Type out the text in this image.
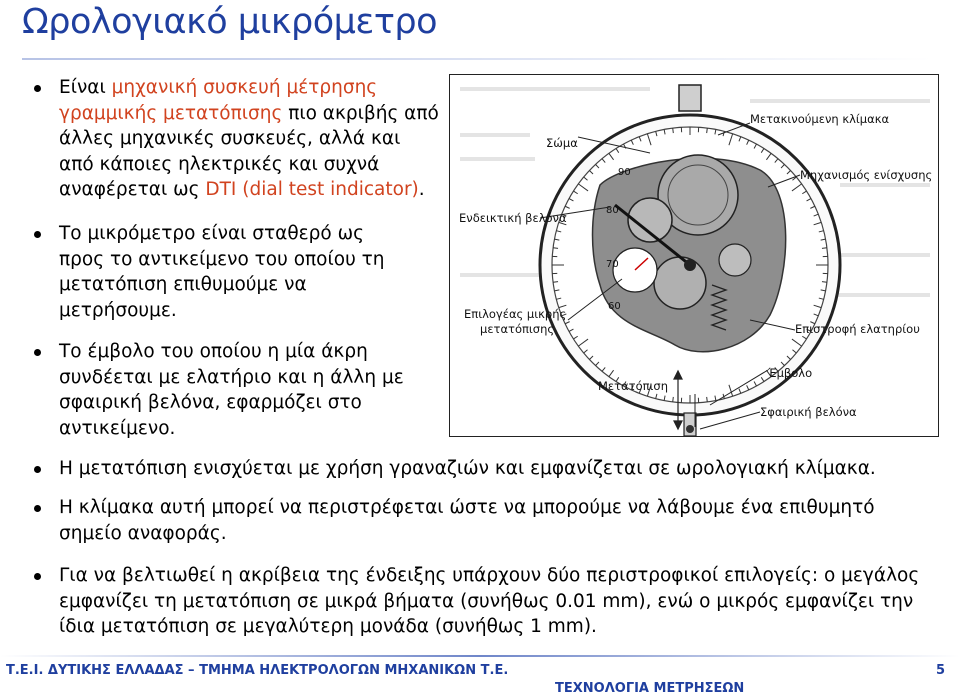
Ωρολογιακό μικρόμετρο
Είναι μηχανική συσκευή μέτρησης γραμμικής μετατόπισης πιο ακριβής από άλλες μηχανικές συσκευές, αλλά και από κάποιες ηλεκτρικές και συχνά αναφέρεται ως DTI (dial test indicator).
Το μικρόμετρο είναι σταθερό ως προς το αντικείμενο του οποίου τη μετατόπιση επιθυμούμε να μετρήσουμε.
Το έμβολο του οποίου η μία άκρη συνδέεται με ελατήριο και η άλλη με σφαιρική βελόνα, εφαρμόζει στο αντικείμενο.
Η μετατόπιση ενισχύεται με χρήση γραναζιών και εμφανίζεται σε ωρολογιακή κλίμακα.
Η κλίμακα αυτή μπορεί να περιστρέφεται ώστε να μπορούμε να λάβουμε ένα επιθυμητό σημείο αναφοράς.
Για να βελτιωθεί η ακρίβεια της ένδειξης υπάρχουν δύο περιστροφικοί επιλογείς: ο μεγάλος εμφανίζει τη μετατόπιση σε μικρά βήματα (συνήθως 0.01 mm), ενώ ο μικρός εμφανίζει την ίδια μετατόπιση σε μεγαλύτερη μονάδα (συνήθως 1 mm).
90
80
70
60
Σώμα
Μετακινούμενη κλίμακα
Μηχανισμός ενίσχυσης
Ενδεικτική βελόνα
Επιλογέας μικρής
μετατόπισης	Επιστροφή ελατηρίου
Έμβολο
Μετατόπιση
Σφαιρική βελόνα
Τ.Ε.Ι. ΔΥΤΙΚΗΣ ΕΛΛΑΔΑΣ – ΤΜΗΜΑ ΗΛΕΚΤΡΟΛΟΓΩΝ ΜΗΧΑΝΙΚΩΝ Τ.Ε.
ΤΕΧΝΟΛΟΓΙΑ ΜΕΤΡΗΣΕΩΝ
5
